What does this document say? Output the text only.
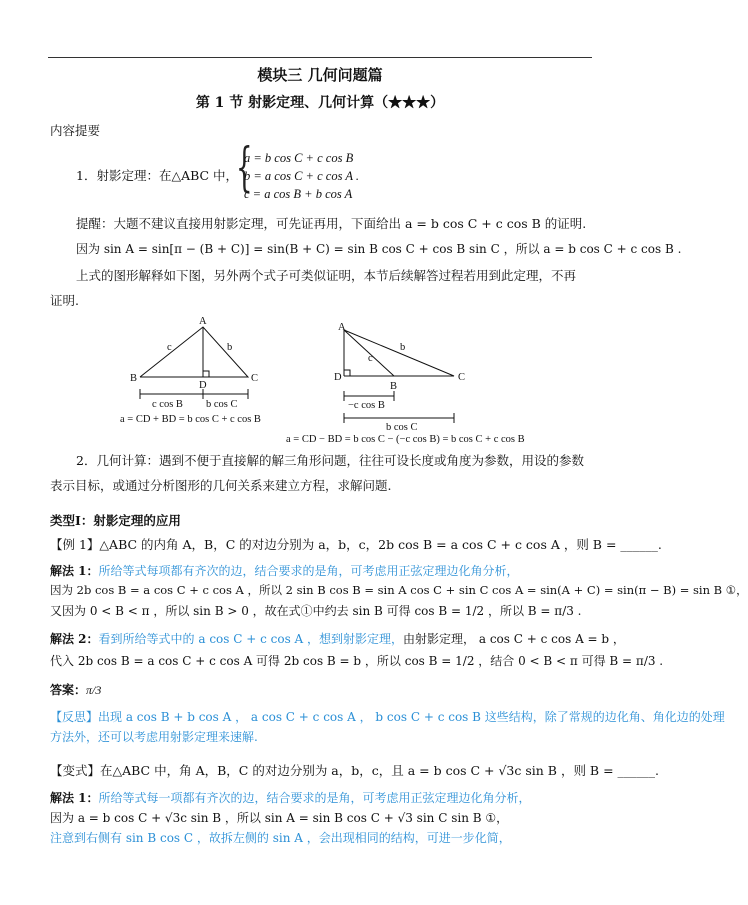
模块三 几何问题篇
第 1 节 射影定理、几何计算（★★★）
内容提要
1．射影定理：在△ABC 中，
{
a = b cos C + c cos B
b = a cos C + c cos A .
c = a cos B + b cos A
提醒：大题不建议直接用射影定理，可先证再用，下面给出 a = b cos C + c cos B 的证明.
因为 sin A = sin[π − (B + C)] = sin(B + C) = sin B cos C + cos B sin C ，所以 a = b cos C + c cos B .
上式的图形解释如下图，另外两个式子可类似证明，本节后续解答过程若用到此定理，不再
证明.
A
B	C
D
c	b
c cos B b cos C
a = CD + BD = b cos C + c cos B
A
B
C
D
c
b
−c cos B
b cos C
a = CD − BD = b cos C − (−c cos B) = b cos C + c cos B
2．几何计算：遇到不便于直接解的解三角形问题，往往可设长度或角度为参数，用设的参数
表示目标，或通过分析图形的几何关系来建立方程，求解问题.
类型Ⅰ：射影定理的应用
【例 1】△ABC 的内角 A，B，C 的对边分别为 a，b，c，2b cos B = a cos C + c cos A ，则 B = ______.
解法 1：所给等式每项都有齐次的边，结合要求的是角，可考虑用正弦定理边化角分析，
因为 2b cos B = a cos C + c cos A ，所以 2 sin B cos B = sin A cos C + sin C cos A = sin(A + C) = sin(π − B) = sin B ①，
又因为 0 < B < π ，所以 sin B > 0 ，故在式①中约去 sin B 可得 cos B = 1/2 ，所以 B = π/3 .
解法 2：看到所给等式中的 a cos C + c cos A ，想到射影定理，由射影定理， a cos C + c cos A = b ，
代入 2b cos B = a cos C + c cos A 可得 2b cos B = b ，所以 cos B = 1/2 ，结合 0 < B < π 可得 B = π/3 .
答案：π/3
【反思】出现 a cos B + b cos A ， a cos C + c cos A ， b cos C + c cos B 这些结构，除了常规的边化角、角化边的处理
方法外，还可以考虑用射影定理来速解.
【变式】在△ABC 中，角 A，B，C 的对边分别为 a，b，c，且 a = b cos C + √3c sin B ，则 B = ______.
解法 1：所给等式每一项都有齐次的边，结合要求的是角，可考虑用正弦定理边化角分析，
因为 a = b cos C + √3c sin B ，所以 sin A = sin B cos C + √3 sin C sin B ①，
注意到右侧有 sin B cos C ，故拆左侧的 sin A ，会出现相同的结构，可进一步化简，
